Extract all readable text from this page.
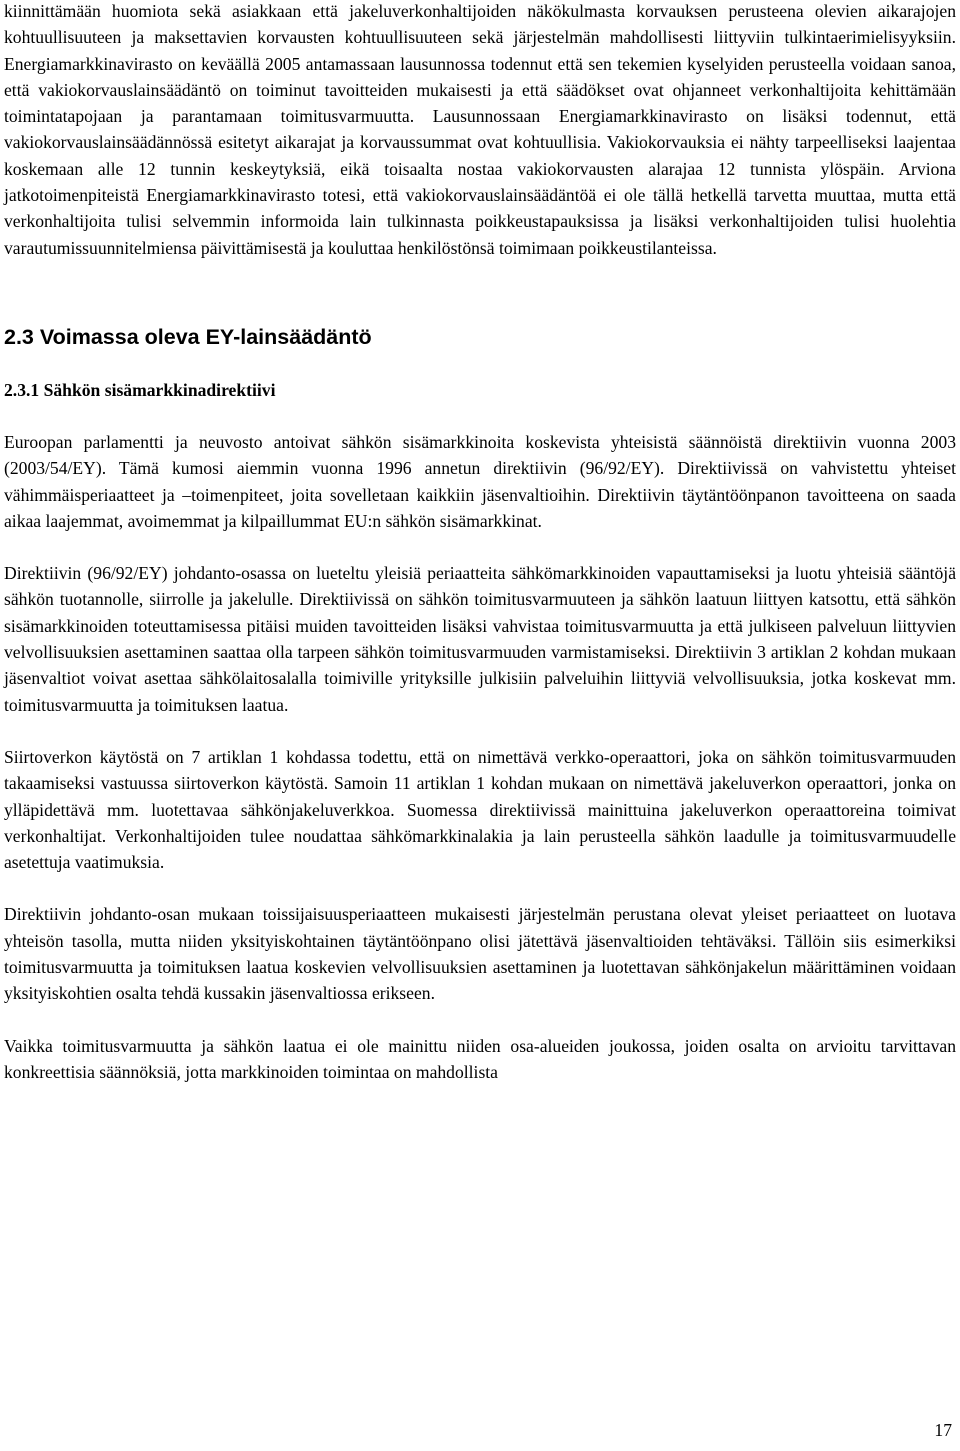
kiinnittämään huomiota sekä asiakkaan että jakeluverkonhaltijoiden näkökulmasta korvauksen perusteena olevien aikarajojen kohtuullisuuteen ja maksettavien korvausten kohtuullisuuteen sekä järjestelmän mahdollisesti liittyviin tulkintaerimielisyyksiin. Energiamarkkinavirasto on keväällä 2005 antamassaan lausunnossa todennut että sen tekemien kyselyiden perusteella voidaan sanoa, että vakiokorvauslainsäädäntö on toiminut tavoitteiden mukaisesti ja että säädökset ovat ohjanneet verkonhaltijoita kehittämään toimintatapojaan ja parantamaan toimitusvarmuutta. Lausunnossaan Energiamarkkinavirasto on lisäksi todennut, että vakiokorvauslainsäädännössä esitetyt aikarajat ja korvaussummat ovat kohtuullisia. Vakiokorvauksia ei nähty tarpeelliseksi laajentaa koskemaan alle 12 tunnin keskeytyksiä, eikä toisaalta nostaa vakiokorvausten alarajaa 12 tunnista ylöspäin. Arviona jatkotoimenpiteistä Energiamarkkinavirasto totesi, että vakiokorvauslainsäädäntöä ei ole tällä hetkellä tarvetta muuttaa, mutta että verkonhaltijoita tulisi selvemmin informoida lain tulkinnasta poikkeustapauksissa ja lisäksi verkonhaltijoiden tulisi huolehtia varautumissuunnitelmiensa päivittämisestä ja kouluttaa henkilöstönsä toimimaan poikkeustilanteissa.

2.3 Voimassa oleva EY-lainsäädäntö
2.3.1 Sähkön sisämarkkinadirektiivi

Euroopan parlamentti ja neuvosto antoivat sähkön sisämarkkinoita koskevista yhteisistä säännöistä direktiivin vuonna 2003 (2003/54/EY). Tämä kumosi aiemmin vuonna 1996 annetun direktiivin (96/92/EY). Direktiivissä on vahvistettu yhteiset vähimmäisperiaatteet ja –toimenpiteet, joita sovelletaan kaikkiin jäsenvaltioihin. Direktiivin täytäntöönpanon tavoitteena on saada aikaa laajemmat, avoimemmat ja kilpaillummat EU:n sähkön sisämarkkinat.

Direktiivin (96/92/EY) johdanto-osassa on lueteltu yleisiä periaatteita sähkömarkkinoiden vapauttamiseksi ja luotu yhteisiä sääntöjä sähkön tuotannolle, siirrolle ja jakelulle. Direktiivissä on sähkön toimitusvarmuuteen ja sähkön laatuun liittyen katsottu, että sähkön sisämarkkinoiden toteuttamisessa pitäisi muiden tavoitteiden lisäksi vahvistaa toimitusvarmuutta ja että julkiseen palveluun liittyvien velvollisuuksien asettaminen saattaa olla tarpeen sähkön toimitusvarmuuden varmistamiseksi. Direktiivin 3 artiklan 2 kohdan mukaan jäsenvaltiot voivat asettaa sähkölaitosalalla toimiville yrityksille julkisiin palveluihin liittyviä velvollisuuksia, jotka koskevat mm. toimitusvarmuutta ja toimituksen laatua.

Siirtoverkon käytöstä on 7 artiklan 1 kohdassa todettu, että on nimettävä verkko-operaattori, joka on sähkön toimitusvarmuuden takaamiseksi vastuussa siirtoverkon käytöstä. Samoin 11 artiklan 1 kohdan mukaan on nimettävä jakeluverkon operaattori, jonka on ylläpidettävä mm. luotettavaa sähkönjakeluverkkoa. Suomessa direktiivissä mainittuina jakeluverkon operaattoreina toimivat verkonhaltijat. Verkonhaltijoiden tulee noudattaa sähkömarkkinalakia ja lain perusteella sähkön laadulle ja toimitusvarmuudelle asetettuja vaatimuksia.

Direktiivin johdanto-osan mukaan toissijaisuusperiaatteen mukaisesti järjestelmän perustana olevat yleiset periaatteet on luotava yhteisön tasolla, mutta niiden yksityiskohtainen täytäntöönpano olisi jätettävä jäsenvaltioiden tehtäväksi. Tällöin siis esimerkiksi toimitusvarmuutta ja toimituksen laatua koskevien velvollisuuksien asettaminen ja luotettavan sähkönjakelun määrittäminen voidaan yksityiskohtien osalta tehdä kussakin jäsenvaltiossa erikseen.

Vaikka toimitusvarmuutta ja sähkön laatua ei ole mainittu niiden osa-alueiden joukossa, joiden osalta on arvioitu tarvittavan konkreettisia säännöksiä, jotta markkinoiden toimintaa on mahdollista

17
